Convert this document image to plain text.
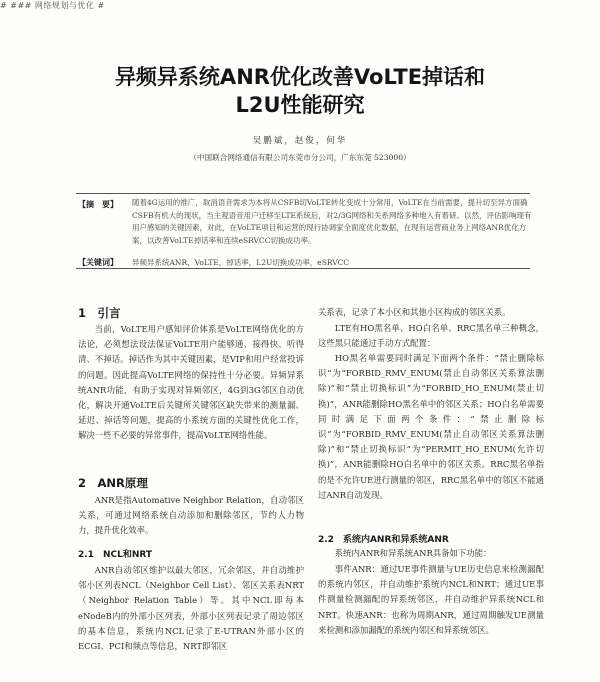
# ### 网络规划与优化 #
异频异系统ANR优化改善VoLTE掉话和
L2U性能研究
吴鹏斌，赵俊，何华
（中国联合网络通信有限公司东莞市分公司，广东东莞 523000）
【摘　要】 随着4G运用的推广，取消语音需求为本将从CSFB切VoLTE转化变成十分常用，VoLTE在当前需要，提升切至异方面确CSFB有机大的现状，当主观语音用户迁移至LTE系统后，对2/3G网络和关系网络多种地入有着研。以然，评估影响现有用户感知的关键因素，对此，在VoLTE项目和运营的现行协调家全面度优化数据，在现有运营商业务上网络ANR优化方案，以改善VoLTE掉话率和连续eSRVCC切换成功率。

【关键词】 异频异系统ANR，VoLTE，掉话率，L2U切换成功率，eSRVCC
1　引言

当前，VoLTE用户感知评价体系是VoLTE网络优化的方法论，必须想法设法保证VoLTE用户能够通、接得快、听得清、不掉话。掉话作为其中关键因素，是VIP和用户经常投诉的问题。因此提高VoLTE网络的保持性十分必要。异频异系统ANR功能，有助于实现对异频邻区，4G到3G邻区自动优化，解决开通VoLTE后关键所关键邻区缺失带来的测量漏、延迟、掉话等问题，提高的小系统方面的关键性优化工作，解决一些不必要的异常事件，提高VoLTE网络性能。

2　ANR原理

ANR是指Automative Neighbor Relation，自动邻区关系，可通过网络系统自动添加和删除邻区，节约人力物力，提升优化效率。

2.1　NCL和NRT

ANR自动邻区维护以最大邻区，冗余邻区，并自动维护邻小区列表NCL（Neighbor Cell List）、邻区关系表NRT（Neighbor Relation Table）等。其中NCL即每本eNodeB内的外部小区列表，外部小区列表记录了周边邻区的基本信息，系统内NCL记录了E-UTRAN外部小区的ECGI、PCI和频点等信息，NRT即邻区

关系表，记录了本小区和其他小区构成的邻区关系。

LTE有HO黑名单、HO白名单、RRC黑名单三种概念，这些黑只能通过手动方式配置：

HO黑名单需要同时满足下面两个条件：“禁止删除标识”为“FORBID_RMV_ENUM(禁止自动邻区关系算法删除)”和“禁止切换标识”为“FORBID_HO_ENUM(禁止切换)”，ANR能删除HO黑名单中的邻区关系；HO白名单需要同时满足下面两个条件：“禁止删除标识”为“FORBID_RMV_ENUM(禁止自动邻区关系算法删除)”和“禁止切换标识”为“PERMIT_HO_ENUM(允许切换)”，ANR能删除HO白名单中的邻区关系。RRC黑名单指的是不允许UE进行测量的邻区，RRC黑名单中的邻区不能通过ANR自动发现。

2.2　系统内ANR和异系统ANR

系统内ANR和异系统ANR具备如下功能：

事件ANR：通过UE事件测量与UE历史信息来检测漏配的系统内邻区，并自动维护系统内NCL和NRT；通过UE事件测量检测漏配的异系统邻区，并自动维护异系统NCL和NRT。快速ANR：也称为周期ANR，通过周期触发UE测量来检测和添加漏配的系统内邻区和异系统邻区。
